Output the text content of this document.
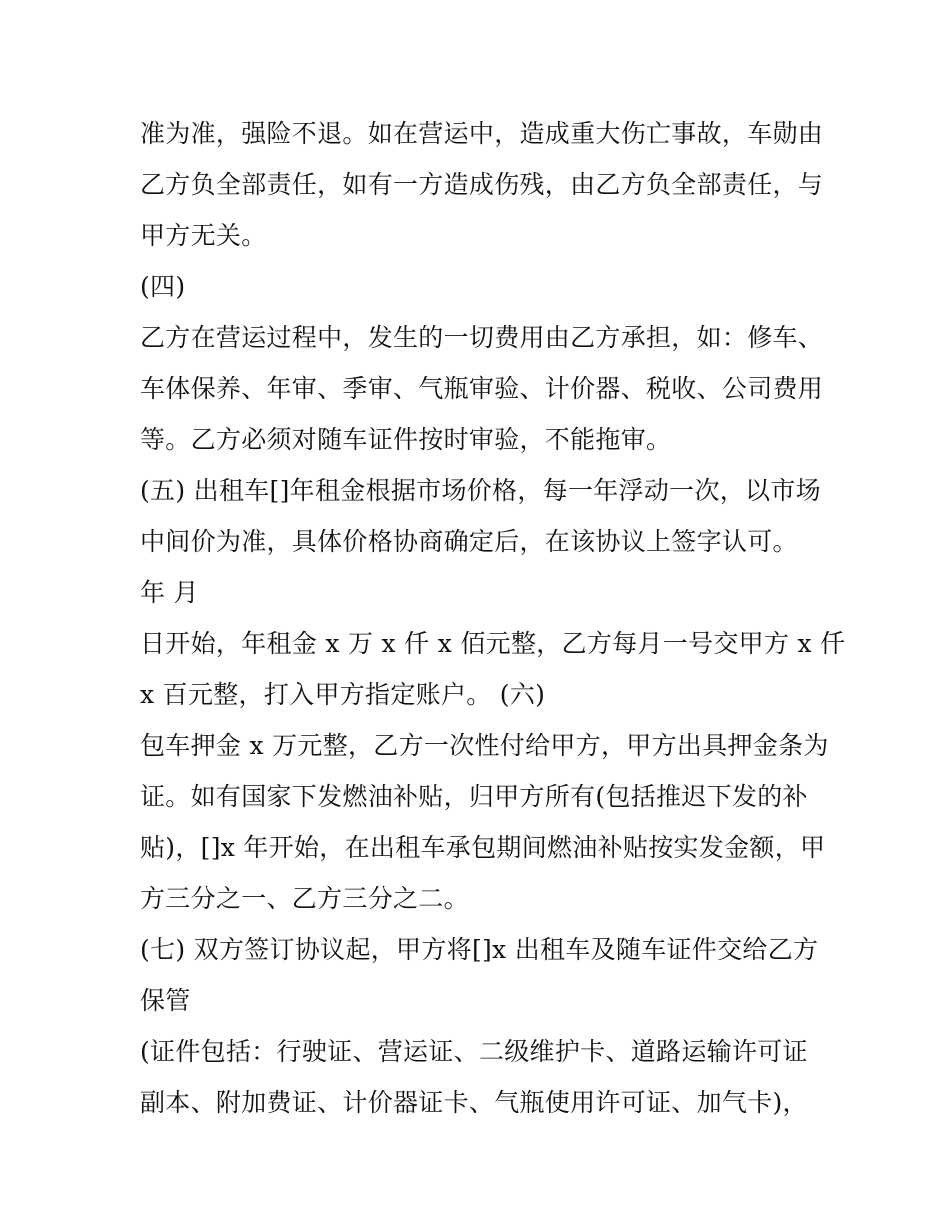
准为准，强险不退。如在营运中，造成重大伤亡事故，车勋由
乙方负全部责任，如有一方造成伤残，由乙方负全部责任，与
甲方无关。
(四)
乙方在营运过程中，发生的一切费用由乙方承担，如：修车、
车体保养、年审、季审、气瓶审验、计价器、税收、公司费用
等。乙方必须对随车证件按时审验，不能拖审。
(五) 出租车[]年租金根据市场价格，每一年浮动一次，以市场
中间价为准，具体价格协商确定后，在该协议上签字认可。
年 月
日开始，年租金 x 万 x 仟 x 佰元整，乙方每月一号交甲方 x 仟
x 百元整，打入甲方指定账户。 (六)
包车押金 x 万元整，乙方一次性付给甲方，甲方出具押金条为
证。如有国家下发燃油补贴，归甲方所有(包括推迟下发的补
贴)，[]x 年开始，在出租车承包期间燃油补贴按实发金额，甲
方三分之一、乙方三分之二。
(七) 双方签订协议起，甲方将[]x 出租车及随车证件交给乙方
保管
(证件包括：行驶证、营运证、二级维护卡、道路运输许可证
副本、附加费证、计价器证卡、气瓶使用许可证、加气卡)，
